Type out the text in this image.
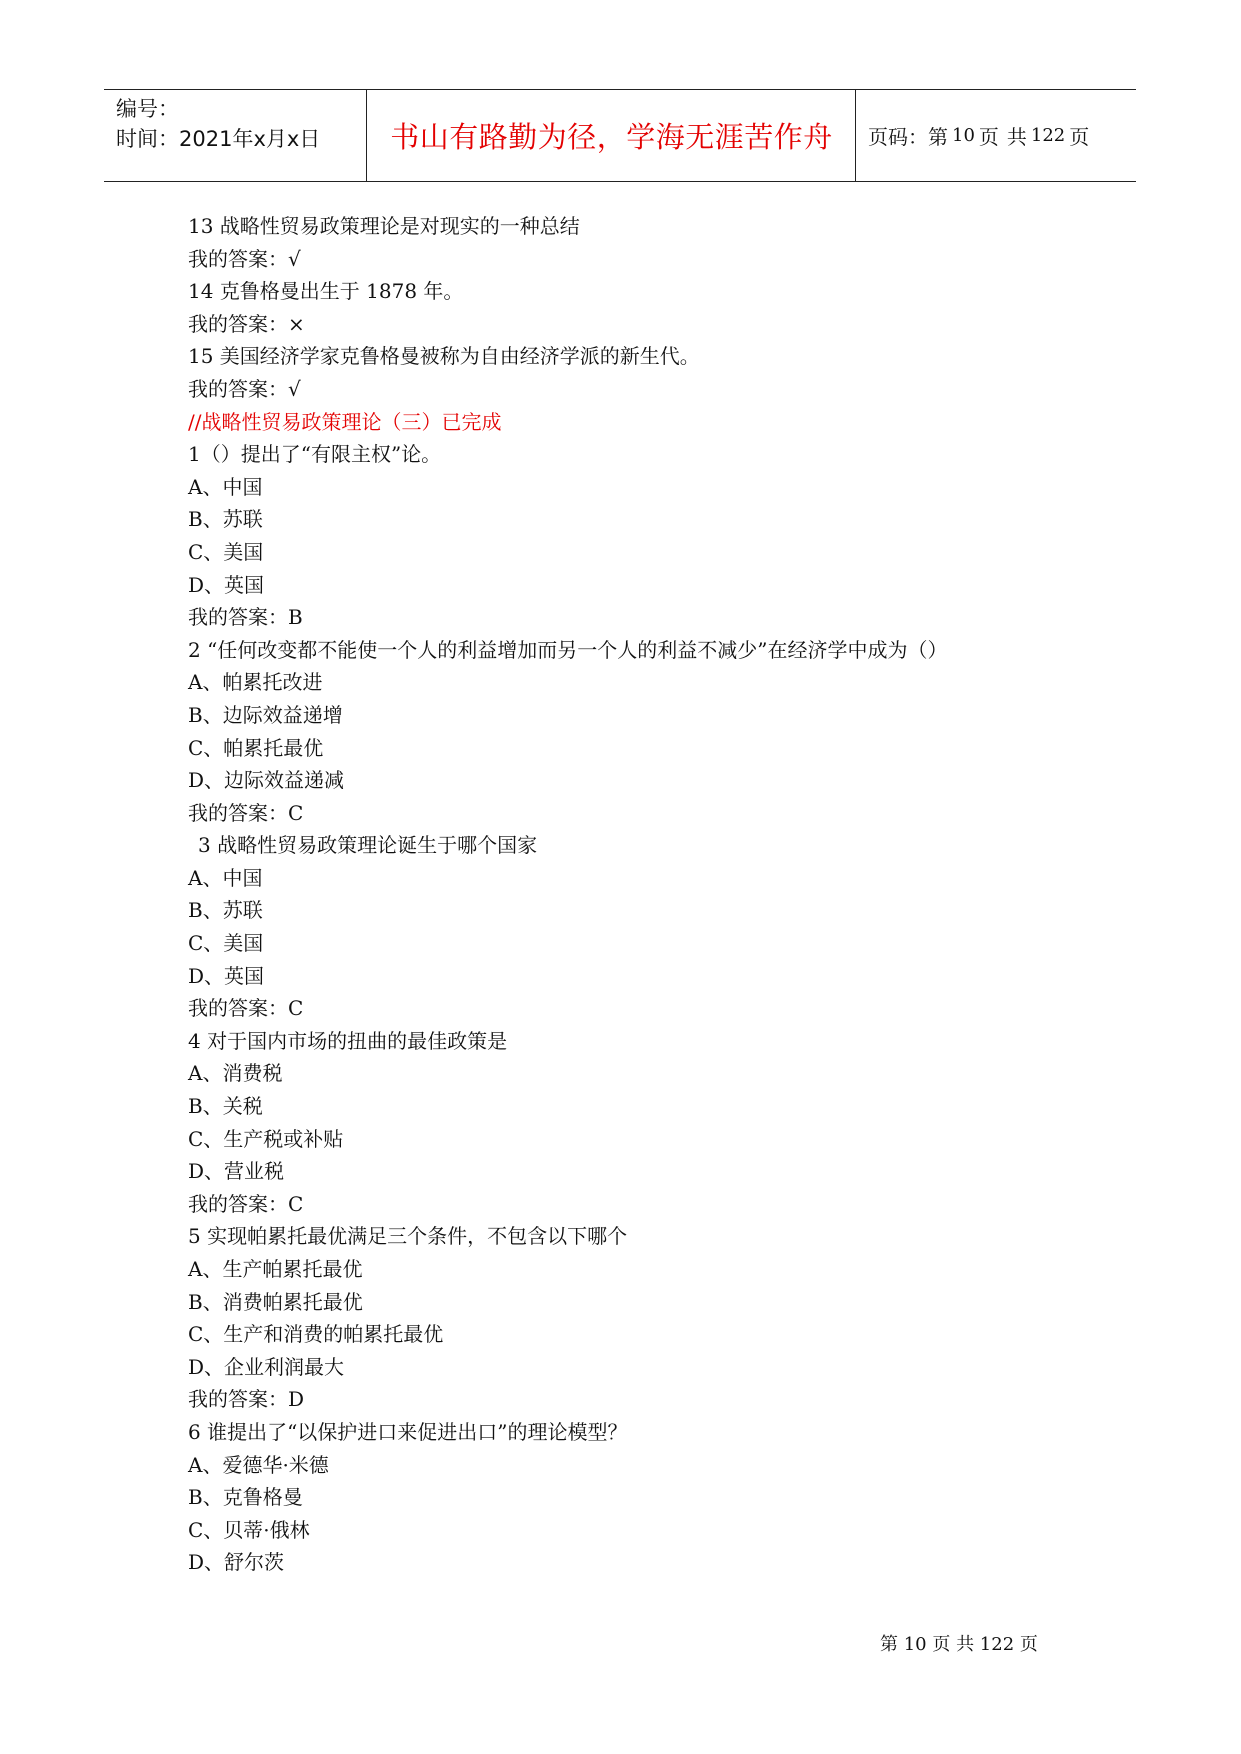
编号：
时间：2021年x月x日	书山有路勤为径，学海无涯苦作舟	页码： 第 10 页 共 122 页
13 战略性贸易政策理论是对现实的一种总结
我的答案：√
14 克鲁格曼出生于 1878 年。
我的答案：×
15 美国经济学家克鲁格曼被称为自由经济学派的新生代。
我的答案：√
//战略性贸易政策理论（三）已完成
1（）提出了“有限主权”论。
A、中国
B、苏联
C、美国
D、英国
我的答案：B
2 “任何改变都不能使一个人的利益增加而另一个人的利益不减少”在经济学中成为（）
A、帕累托改进
B、边际效益递增
C、帕累托最优
D、边际效益递减
我的答案：C
3 战略性贸易政策理论诞生于哪个国家
A、中国
B、苏联
C、美国
D、英国
我的答案：C
4 对于国内市场的扭曲的最佳政策是
A、消费税
B、关税
C、生产税或补贴
D、营业税
我的答案：C
5 实现帕累托最优满足三个条件，不包含以下哪个
A、生产帕累托最优
B、消费帕累托最优
C、生产和消费的帕累托最优
D、企业利润最大
我的答案：D
6 谁提出了“以保护进口来促进出口”的理论模型？
A、爱德华·米德
B、克鲁格曼
C、贝蒂·俄林
D、舒尔茨
第 10 页 共 122 页
